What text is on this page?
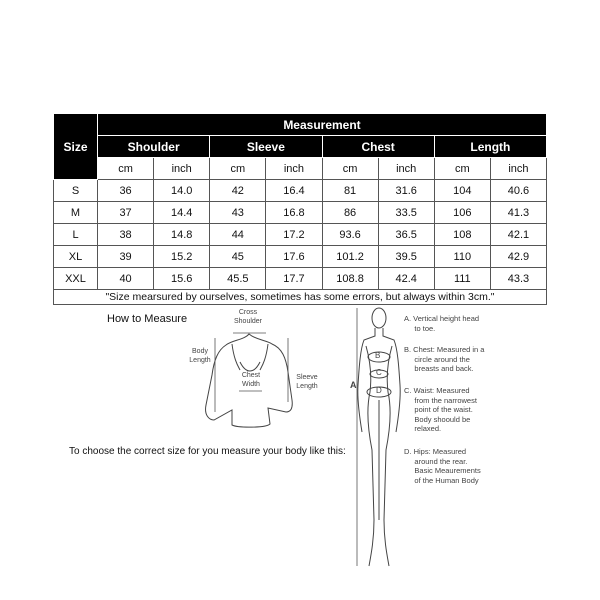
Size	Measurement							
	Shoulder		Sleeve		Chest		Length	
	cm	inch	cm	inch	cm	inch	cm	inch
S	36	14.0	42	16.4	81	31.6	104	40.6
M	37	14.4	43	16.8	86	33.5	106	41.3
L	38	14.8	44	17.2	93.6	36.5	108	42.1
XL	39	15.2	45	17.6	101.2	39.5	110	42.9
XXL	40	15.6	45.5	17.7	108.8	42.4	111	43.3
"Size mearsured by ourselves, sometimes has some errors, but always within 3cm."								
How to Measure
To choose the correct size for you measure your body like this:
Cross
Shoulder
Body
Length
Chest
Width
Sleeve
Length	A
B
C
D
A. Vertical height head
to toe.
B. Chest: Measured in a
circle around the
breasts and back.
C. Waist: Measured
from the narrowest
point of the waist.
Body shoould be
relaxed.
D. Hips: Measured
around the rear.
Basic Meaurements
of the Human Body
